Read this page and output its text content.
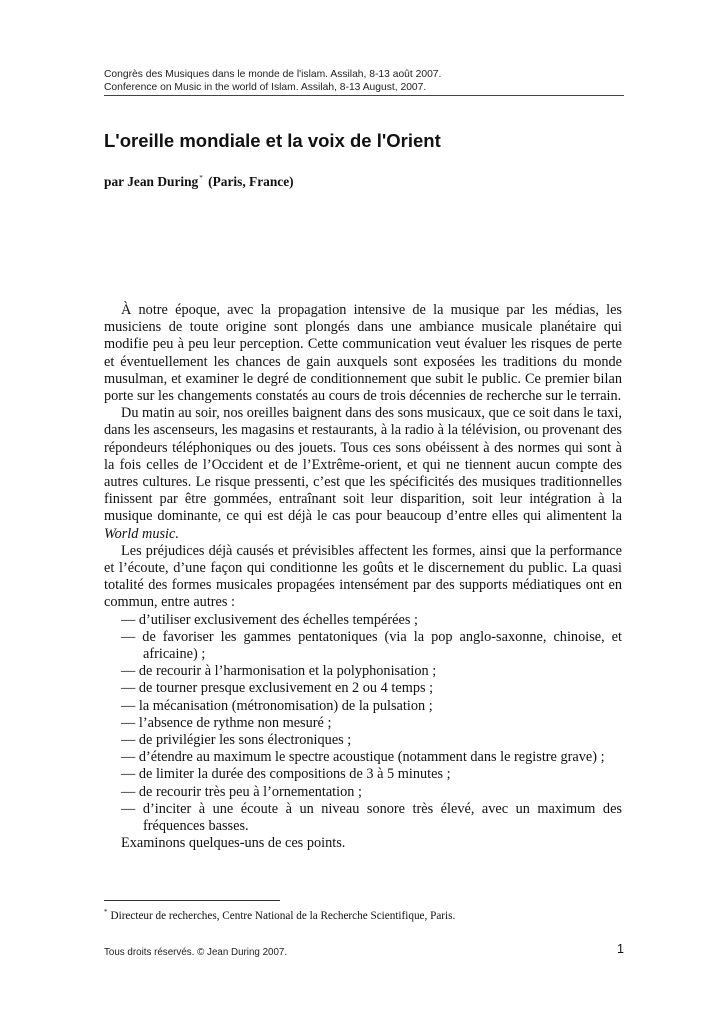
Congrès des Musiques dans le monde de l'islam. Assilah, 8-13 août 2007.
Conference on Music in the world of Islam. Assilah, 8-13 August, 2007.
L'oreille mondiale et la voix de l'Orient
par Jean During* (Paris, France)

À notre époque, avec la propagation intensive de la musique par les médias, les musiciens de toute origine sont plongés dans une ambiance musicale planétaire qui modifie peu à peu leur perception. Cette communication veut évaluer les risques de perte et éventuellement les chances de gain auxquels sont exposées les traditions du monde musulman, et examiner le degré de conditionnement que subit le public. Ce premier bilan porte sur les changements constatés au cours de trois décennies de recherche sur le terrain.

Du matin au soir, nos oreilles baignent dans des sons musicaux, que ce soit dans le taxi, dans les ascenseurs, les magasins et restaurants, à la radio à la télévision, ou provenant des répondeurs téléphoniques ou des jouets. Tous ces sons obéissent à des normes qui sont à la fois celles de l’Occident et de l’Extrême-orient, et qui ne tiennent aucun compte des autres cultures. Le risque pressenti, c’est que les spécificités des musiques traditionnelles finissent par être gommées, entraînant soit leur disparition, soit leur intégration à la musique dominante, ce qui est déjà le cas pour beaucoup d’entre elles qui alimentent la World music.

Les préjudices déjà causés et prévisibles affectent les formes, ainsi que la performance et l’écoute, d’une façon qui conditionne les goûts et le discernement du public. La quasi totalité des formes musicales propagées intensément par des supports médiatiques ont en commun, entre autres :

— d’utiliser exclusivement des échelles tempérées ;
— de favoriser les gammes pentatoniques (via la pop anglo-saxonne, chinoise, et africaine) ;
— de recourir à l’harmonisation et la polyphonisation ;
— de tourner presque exclusivement en 2 ou 4 temps ;
— la mécanisation (métronomisation) de la pulsation ;
— l’absence de rythme non mesuré ;
— de privilégier les sons électroniques ;
— d’étendre au maximum le spectre acoustique (notamment dans le registre grave) ;
— de limiter la durée des compositions de 3 à 5 minutes ;
— de recourir très peu à l’ornementation ;
— d’inciter à une écoute à un niveau sonore très élevé, avec un maximum des fréquences basses.

Examinons quelques-uns de ces points.

* Directeur de recherches, Centre National de la Recherche Scientifique, Paris.
Tous droits réservés. © Jean During 2007.	1
